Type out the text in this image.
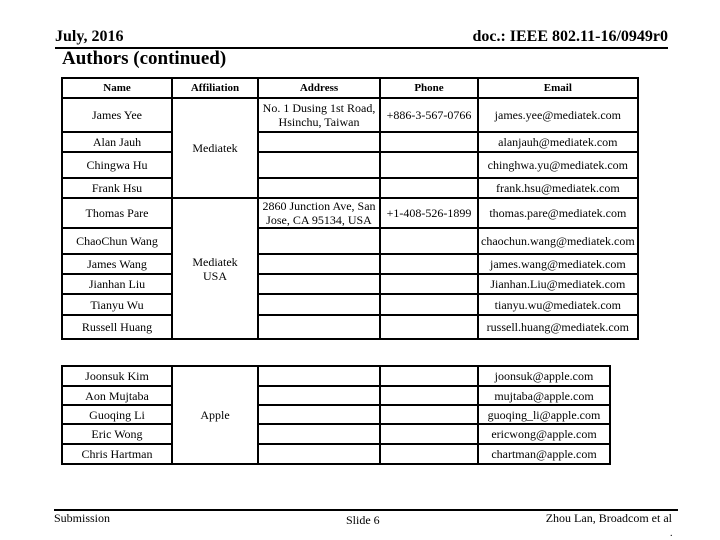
July, 2016	doc.: IEEE 802.11-16/0949r0
Authors (continued)
Name	Affiliation	Address	Phone	Email
James Yee	Mediatek	No. 1 Dusing 1st Road, Hsinchu, Taiwan	+886-3-567-0766	james.yee@mediatek.com
Alan Jauh				alanjauh@mediatek.com
Chingwa Hu				chinghwa.yu@mediatek.com
Frank Hsu				frank.hsu@mediatek.com
Thomas Pare	Mediatek USA	2860 Junction Ave, San Jose, CA 95134, USA	+1-408-526-1899	thomas.pare@mediatek.com
ChaoChun Wang				chaochun.wang@mediatek.com
James Wang				james.wang@mediatek.com
Jianhan Liu				Jianhan.Liu@mediatek.com
Tianyu Wu				tianyu.wu@mediatek.com
Russell Huang				russell.huang@mediatek.com
Joonsuk Kim	Apple			joonsuk@apple.com
Aon Mujtaba				mujtaba@apple.com
Guoqing Li				guoqing_li@apple.com
Eric Wong				ericwong@apple.com
Chris Hartman				chartman@apple.com
Submission	Slide 6	Zhou Lan, Broadcom et al
.
